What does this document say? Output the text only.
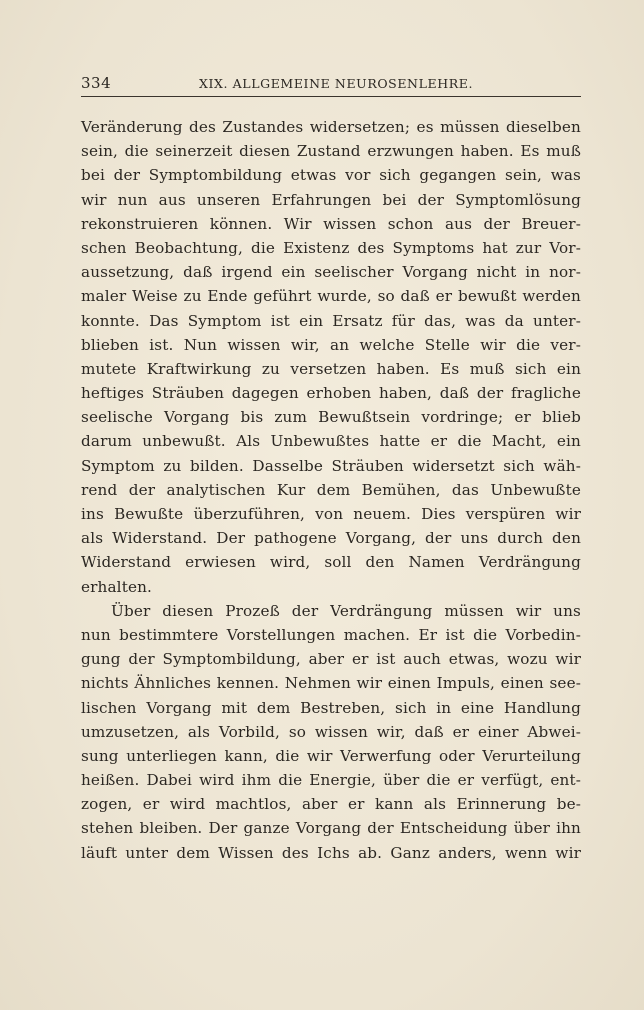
334	XIX. ALLGEMEINE NEUROSENLEHRE.
Veränderung des Zustandes widersetzen; es müssen dieselben
sein, die seinerzeit diesen Zustand erzwungen haben. Es muß
bei der Symptombildung etwas vor sich gegangen sein, was
wir nun aus unseren Erfahrungen bei der Symptomlösung
rekonstruieren können. Wir wissen schon aus der Breuer-
schen Beobachtung, die Existenz des Symptoms hat zur Vor-
aussetzung, daß irgend ein seelischer Vorgang nicht in nor-
maler Weise zu Ende geführt wurde, so daß er bewußt werden
konnte. Das Symptom ist ein Ersatz für das, was da unter-
blieben ist. Nun wissen wir, an welche Stelle wir die ver-
mutete Kraftwirkung zu versetzen haben. Es muß sich ein
heftiges Sträuben dagegen erhoben haben, daß der fragliche
seelische Vorgang bis zum Bewußtsein vordringe; er blieb
darum unbewußt. Als Unbewußtes hatte er die Macht, ein
Symptom zu bilden. Dasselbe Sträuben widersetzt sich wäh-
rend der analytischen Kur dem Bemühen, das Unbewußte
ins Bewußte überzuführen, von neuem. Dies verspüren wir
als Widerstand. Der pathogene Vorgang, der uns durch den
Widerstand erwiesen wird, soll den Namen Verdrängung
erhalten.
Über diesen Prozeß der Verdrängung müssen wir uns
nun bestimmtere Vorstellungen machen. Er ist die Vorbedin-
gung der Symptombildung, aber er ist auch etwas, wozu wir
nichts Ähnliches kennen. Nehmen wir einen Impuls, einen see-
lischen Vorgang mit dem Bestreben, sich in eine Handlung
umzusetzen, als Vorbild, so wissen wir, daß er einer Abwei-
sung unterliegen kann, die wir Verwerfung oder Verurteilung
heißen. Dabei wird ihm die Energie, über die er verfügt, ent-
zogen, er wird machtlos, aber er kann als Erinnerung be-
stehen bleiben. Der ganze Vorgang der Entscheidung über ihn
läuft unter dem Wissen des Ichs ab. Ganz anders, wenn wir
